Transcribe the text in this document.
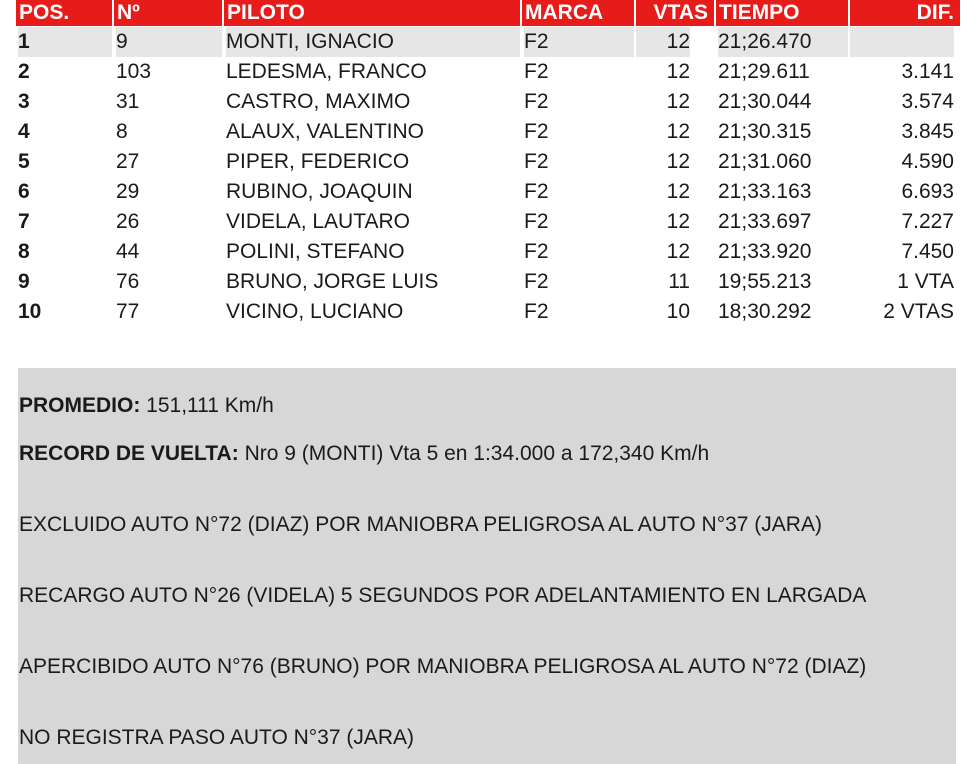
POS.	Nº	PILOTO	MARCA	VTAS TIEMPO	DIF.
1	9	MONTI, IGNACIO	F2	12 21;26.470
2	103	LEDESMA, FRANCO	F2	12 21;29.611	3.141
3	31	CASTRO, MAXIMO	F2	12 21;30.044	3.574
4	8	ALAUX, VALENTINO	F2	12 21;30.315	3.845
5	27	PIPER, FEDERICO	F2	12 21;31.060	4.590
6	29	RUBINO, JOAQUIN	F2	12 21;33.163	6.693
7	26	VIDELA, LAUTARO	F2	12 21;33.697	7.227
8	44	POLINI, STEFANO	F2	12 21;33.920	7.450
9	76	BRUNO, JORGE LUIS	F2	11 19;55.213	1 VTA
10	77	VICINO, LUCIANO	F2	10 18;30.292	2 VTAS
PROMEDIO: 151,111 Km/h
RECORD DE VUELTA: Nro 9 (MONTI) Vta 5 en 1:34.000 a 172,340 Km/h
EXCLUIDO AUTO N°72 (DIAZ) POR MANIOBRA PELIGROSA AL AUTO N°37 (JARA)
RECARGO AUTO N°26 (VIDELA) 5 SEGUNDOS POR ADELANTAMIENTO EN LARGADA
APERCIBIDO AUTO N°76 (BRUNO) POR MANIOBRA PELIGROSA AL AUTO N°72 (DIAZ)
NO REGISTRA PASO AUTO N°37 (JARA)
